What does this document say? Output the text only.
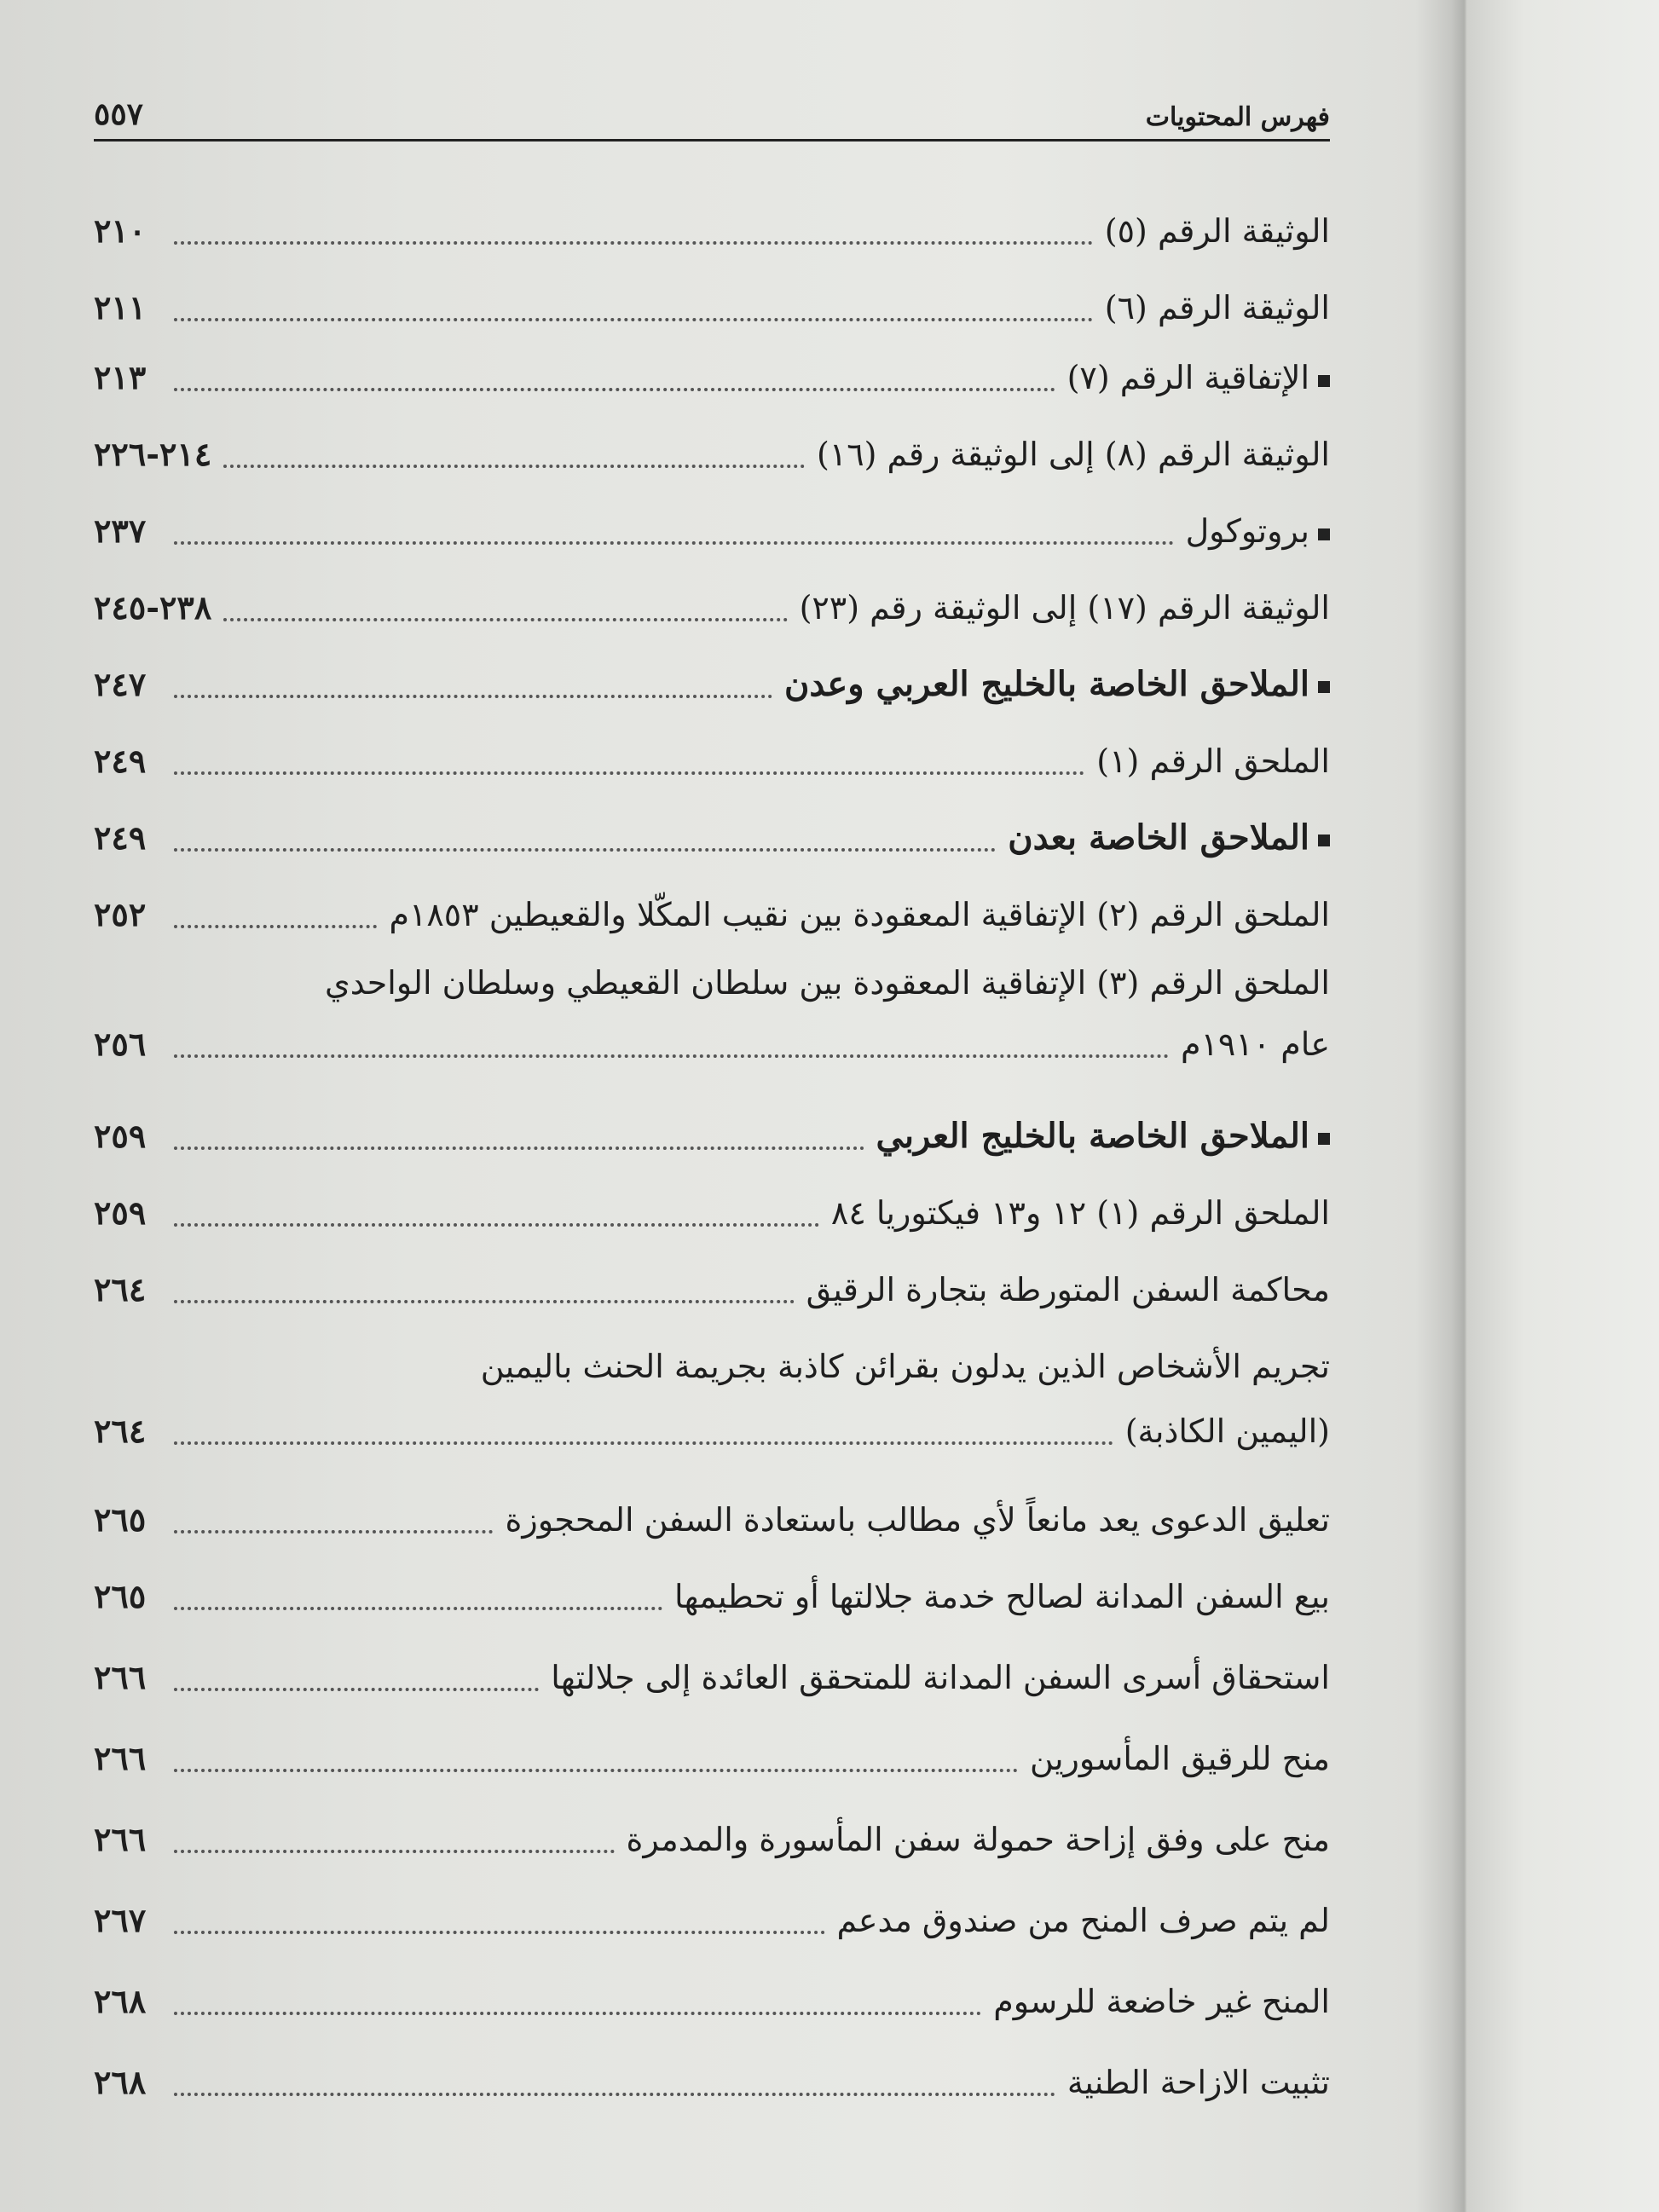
فهرس المحتويات
٥٥٧
الوثيقة الرقم (٥)
٢١٠
الوثيقة الرقم (٦)
٢١١
الإتفاقية الرقم (٧)
٢١٣
الوثيقة الرقم (٨) إلى الوثيقة رقم (١٦)
٢١٤-٢٢٦
بروتوكول
٢٣٧
الوثيقة الرقم (١٧) إلى الوثيقة رقم (٢٣)
٢٣٨-٢٤٥
الملاحق الخاصة بالخليج العربي وعدن
٢٤٧
الملحق الرقم (١)
٢٤٩
الملاحق الخاصة بعدن
٢٤٩
الملحق الرقم (٢) الإتفاقية المعقودة بين نقيب المكّلا والقعيطين ١٨٥٣م
٢٥٢
الملحق الرقم (٣) الإتفاقية المعقودة بين سلطان القعيطي وسلطان الواحدي
عام ١٩١٠م
٢٥٦
الملاحق الخاصة بالخليج العربي
٢٥٩
الملحق الرقم (١) ١٢ و١٣ فيكتوريا ٨٤
٢٥٩
محاكمة السفن المتورطة بتجارة الرقيق
٢٦٤
تجريم الأشخاص الذين يدلون بقرائن كاذبة بجريمة الحنث باليمين
(اليمين الكاذبة)
٢٦٤
تعليق الدعوى يعد مانعاً لأي مطالب باستعادة السفن المحجوزة
٢٦٥
بيع السفن المدانة لصالح خدمة جلالتها أو تحطيمها
٢٦٥
استحقاق أسرى السفن المدانة للمتحقق العائدة إلى جلالتها
٢٦٦
منح للرقيق المأسورين
٢٦٦
منح على وفق إزاحة حمولة سفن المأسورة والمدمرة
٢٦٦
لم يتم صرف المنح من صندوق مدعم
٢٦٧
المنح غير خاضعة للرسوم
٢٦٨
تثبيت الازاحة الطنية
٢٦٨
